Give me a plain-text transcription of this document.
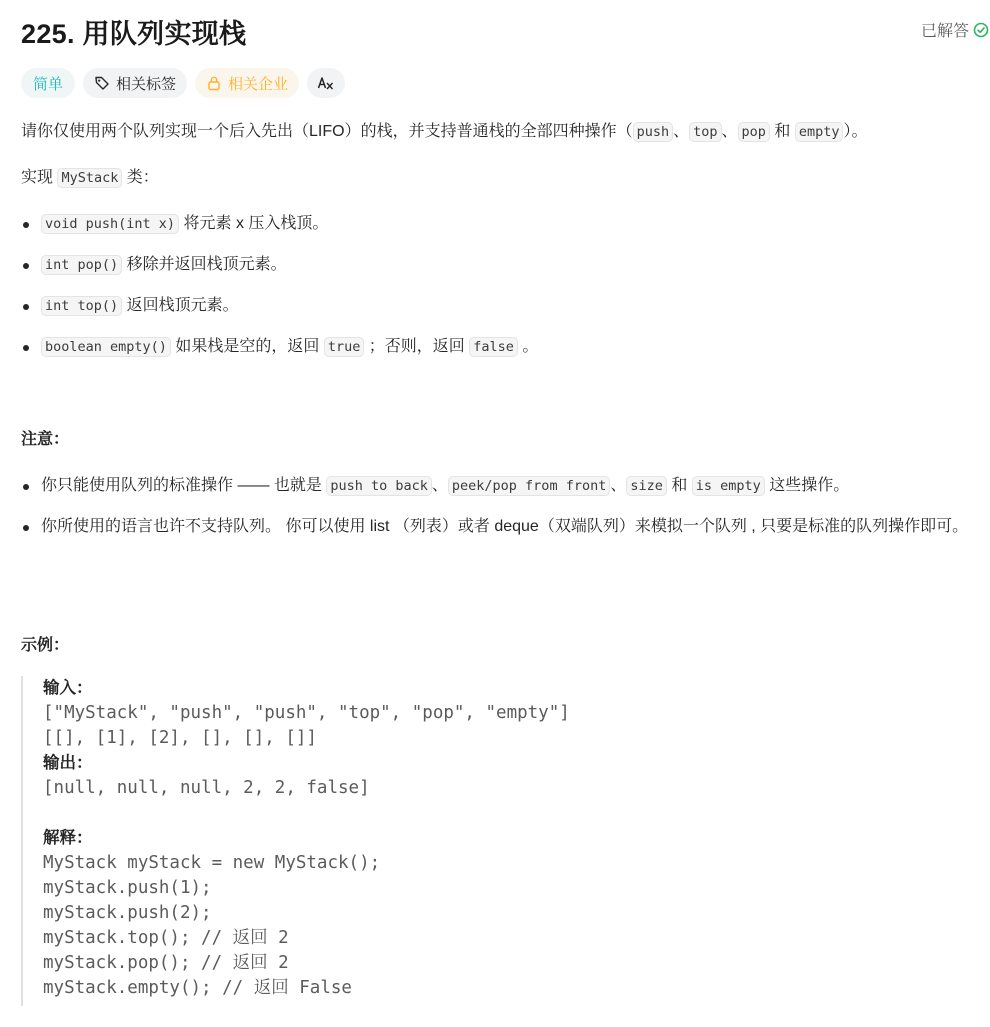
225. 用队列实现栈	已解答
简单	相关标签	相关企业

请你仅使用两个队列实现一个后入先出（LIFO）的栈，并支持普通栈的全部四种操作（ push 、 top 、 pop 和 empty ）。

实现 MyStack 类：

void push(int x) 将元素 x 压入栈顶。
int pop() 移除并返回栈顶元素。
int top() 返回栈顶元素。
boolean empty() 如果栈是空的，返回 true ；否则，返回 false 。

注意：

你只能使用队列的标准操作 —— 也就是 push to back 、 peek/pop from front 、 size 和 is empty 这些操作。
你所使用的语言也许不支持队列。 你可以使用 list （列表）或者 deque（双端队列）来模拟一个队列 , 只要是标准的队列操作即可。

示例：

输入：
["MyStack", "push", "push", "top", "pop", "empty"]
[[], [1], [2], [], [], []]
输出：
[null, null, null, 2, 2, false]
解释：
MyStack myStack = new MyStack();
myStack.push(1);
myStack.push(2);
myStack.top(); // 返回 2
myStack.pop(); // 返回 2
myStack.empty(); // 返回 False
